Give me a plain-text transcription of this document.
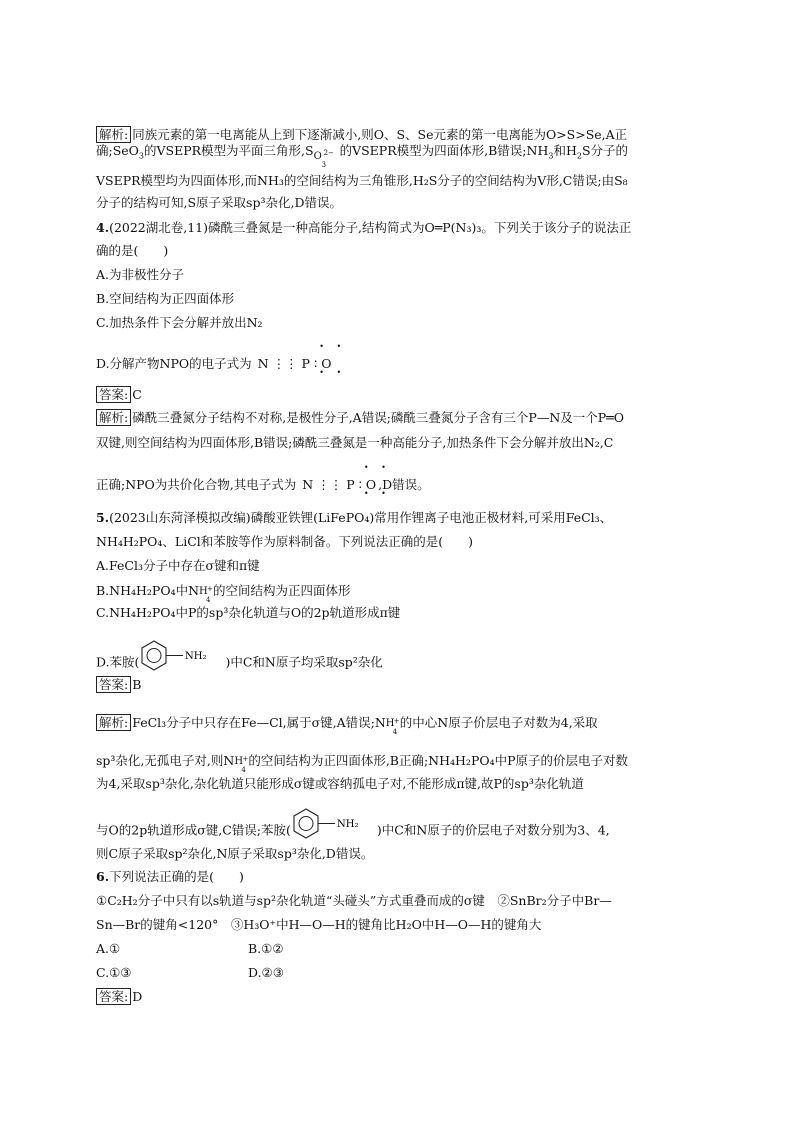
解析: 同族元素的第一电离能从上到下逐渐减小,则O、S、Se元素的第一电离能为O>S>Se,A正
确;SeO$_3$的VSEPR模型为平面三角形,S O 2−
3
的VSEPR模型为四面体形,B错误$;NH_3$和$H_2S$分子的
VSEPR模型均为四面体形,而NH₃的空间结构为三角锥形,H₂S分子的空间结构为V形,C错误;由S₈
分子的结构可知,S原子采取sp³杂化,D错误。
4.(2022湖北卷,11)磷酰三叠氮是一种高能分子,结构简式为O═P(N₃)₃。下列关于该分子的说法正
确的是(　　)
A.为非极性分子
B.空间结构为正四面体形
C.加热条件下会分解并放出N₂
D.分解产物NPO的电子式为 N ⋮⋮ P ∶
• •
O
• •
答案: C
解析: 磷酰三叠氮分子结构不对称,是极性分子,A错误;磷酰三叠氮分子含有三个P—N及一个P═O
双键,则空间结构为四面体形,B错误;磷酰三叠氮是一种高能分子,加热条件下会分解并放出N₂,C
正确;NPO为共价化合物,其电子式为 N ⋮⋮ P ∶
• •
O
• •
,D错误。
5.(2023山东菏泽模拟改编)磷酸亚铁锂(LiFePO₄)常用作锂离子电池正极材料,可采用FeCl₃、
NH₄H₂PO₄、LiCl和苯胺等作为原料制备。下列说法正确的是(　　)
A.FeCl₃分子中存在σ键和π键
B.NH₄H₂PO₄中N H
4
+ 的空间结构为正四面体形
C.NH₄H₂PO₄中P的sp³杂化轨道与O的2p轨道形成π键
D.苯胺(	NH₂ )中C和N原子均采取sp²杂化
答案: B
解析: FeCl₃分子中只存在Fe—Cl,属于σ键,A错误;N H
4
+ 的中心N原子价层电子对数为4,采取
sp³杂化,无孤电子对,则N H
4
+ 的空间结构为正四面体形,B正确;NH₄H₂PO₄中P原子的价层电子对数
为4,采取sp³杂化,杂化轨道只能形成σ键或容纳孤电子对,不能形成π键,故P的sp³杂化轨道
与O的2p轨道形成σ键,C错误;苯胺(	NH₂ )中C和N原子的价层电子对数分别为3、4,
则C原子采取sp²杂化,N原子采取sp³杂化,D错误。
6.下列说法正确的是(　　)
①C₂H₂分子中只有以s轨道与sp²杂化轨道“头碰头”方式重叠而成的σ键　②SnBr₂分子中Br—
Sn—Br的键角<120°　③H₃O⁺中H—O—H的键角比H₂O中H—O—H的键角大
A.①	B.①②
C.①③	D.②③
答案: D
